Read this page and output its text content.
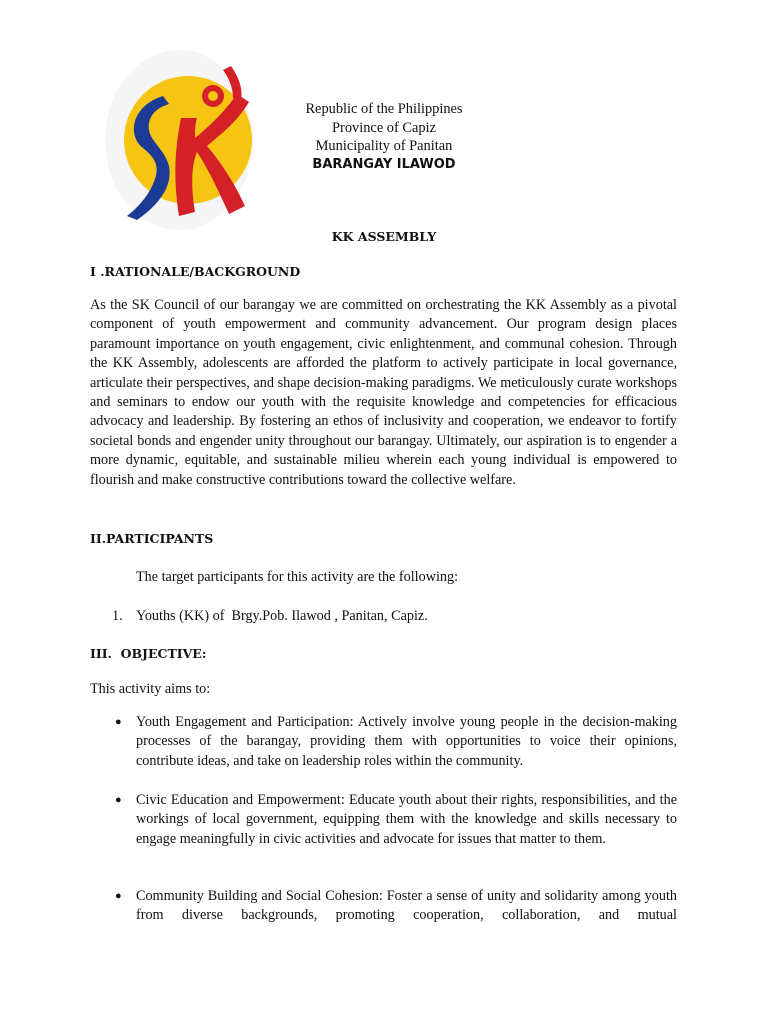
Republic of the Philippines
Province of Capiz
Municipality of Panitan
BARANGAY ILAWOD
KK ASSEMBLY
I .RATIONALE/BACKGROUND

As the SK Council of our barangay we are committed on orchestrating the KK Assembly as a pivotal component of youth empowerment and community advancement. Our program design places paramount importance on youth engagement, civic enlightenment, and communal cohesion. Through the KK Assembly, adolescents are afforded the platform to actively participate in local governance, articulate their perspectives, and shape decision-making paradigms. We meticulously curate workshops and seminars to endow our youth with the requisite knowledge and competencies for efficacious advocacy and leadership. By fostering an ethos of inclusivity and cooperation, we endeavor to fortify societal bonds and engender unity throughout our barangay. Ultimately, our aspiration is to engender a more dynamic, equitable, and sustainable milieu wherein each young individual is empowered to flourish and make constructive contributions toward the collective welfare.

II.PARTICIPANTS

The target participants for this activity are the following:

1. Youths (KK) of  Brgy.Pob. Ilawod , Panitan, Capiz.

III.  OBJECTIVE:

This activity aims to:

● Youth Engagement and Participation: Actively involve young people in the decision-making processes of the barangay, providing them with opportunities to voice their opinions, contribute ideas, and take on leadership roles within the community.

● Civic Education and Empowerment: Educate youth about their rights, responsibilities, and the workings of local government, equipping them with the knowledge and skills necessary to engage meaningfully in civic activities and advocate for issues that matter to them.

● Community Building and Social Cohesion: Foster a sense of unity and solidarity among youth from diverse backgrounds, promoting cooperation, collaboration, and mutual
